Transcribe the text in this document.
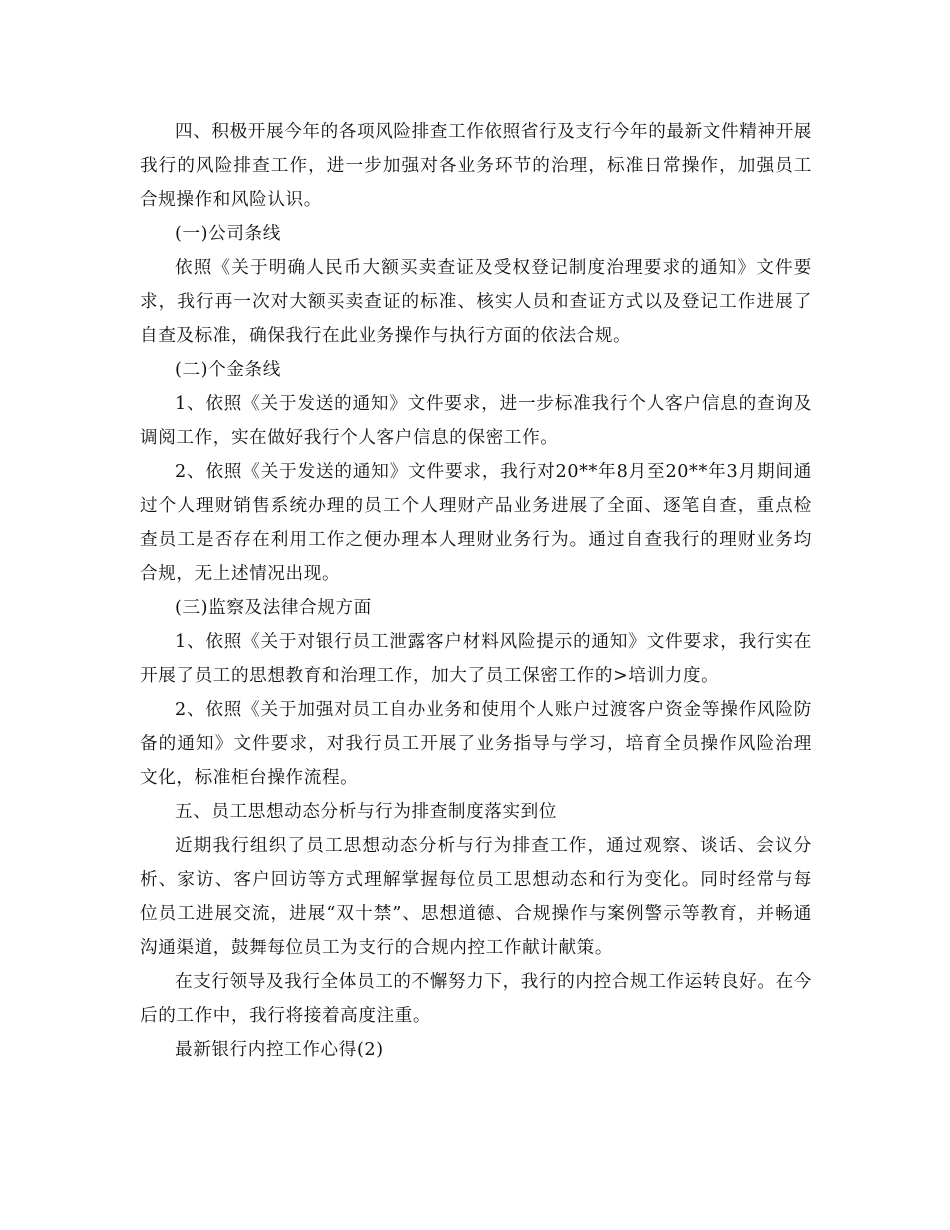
四、积极开展今年的各项风险排查工作依照省行及支行今年的最新文件精神开展我行的风险排查工作，进一步加强对各业务环节的治理，标准日常操作，加强员工合规操作和风险认识。

(一)公司条线

依照《关于明确人民币大额买卖查证及受权登记制度治理要求的通知》文件要求，我行再一次对大额买卖查证的标准、核实人员和查证方式以及登记工作进展了自查及标准，确保我行在此业务操作与执行方面的依法合规。

(二)个金条线

1、依照《关于发送的通知》文件要求，进一步标准我行个人客户信息的查询及调阅工作，实在做好我行个人客户信息的保密工作。

2、依照《关于发送的通知》文件要求，我行对20**年8月至20**年3月期间通过个人理财销售系统办理的员工个人理财产品业务进展了全面、逐笔自查，重点检查员工是否存在利用工作之便办理本人理财业务行为。通过自查我行的理财业务均合规，无上述情况出现。

(三)监察及法律合规方面

1、依照《关于对银行员工泄露客户材料风险提示的通知》文件要求，我行实在开展了员工的思想教育和治理工作，加大了员工保密工作的>培训力度。

2、依照《关于加强对员工自办业务和使用个人账户过渡客户资金等操作风险防备的通知》文件要求，对我行员工开展了业务指导与学习，培育全员操作风险治理文化，标准柜台操作流程。

五、员工思想动态分析与行为排查制度落实到位

近期我行组织了员工思想动态分析与行为排查工作，通过观察、谈话、会议分析、家访、客户回访等方式理解掌握每位员工思想动态和行为变化。同时经常与每位员工进展交流，进展“双十禁”、思想道德、合规操作与案例警示等教育，并畅通沟通渠道，鼓舞每位员工为支行的合规内控工作献计献策。

在支行领导及我行全体员工的不懈努力下，我行的内控合规工作运转良好。在今后的工作中，我行将接着高度注重。

最新银行内控工作心得(2)
